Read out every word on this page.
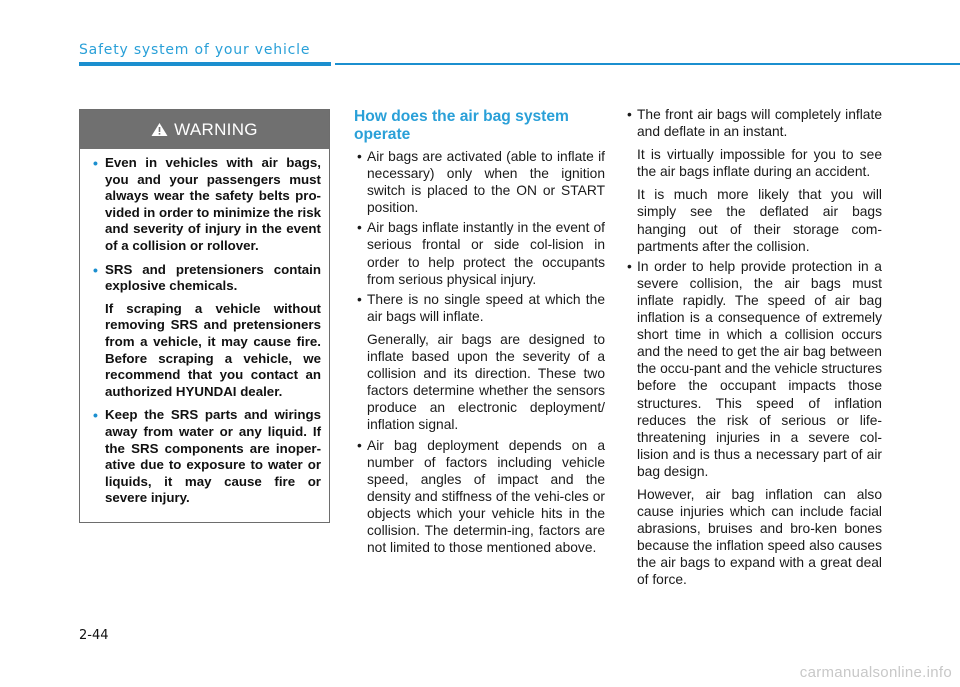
Safety system of your vehicle
WARNING
• Even in vehicles with air bags, you and your passengers must always wear the safety belts pro-vided in order to minimize the risk and severity of injury in the event of a collision or rollover.

• SRS and pretensioners contain explosive chemicals.

If scraping a vehicle without removing SRS and pretensioners from a vehicle, it may cause fire. Before scraping a vehicle, we recommend that you contact an authorized HYUNDAI dealer.

• Keep the SRS parts and wirings away from water or any liquid. If the SRS components are inoper-ative due to exposure to water or liquids, it may cause fire or severe injury.

How does the air bag system operate
• Air bags are activated (able to inflate if necessary) only when the ignition switch is placed to the ON or START position.

• Air bags inflate instantly in the event of serious frontal or side col-lision in order to help protect the occupants from serious physical injury.

• There is no single speed at which the air bags will inflate.

Generally, air bags are designed to inflate based upon the severity of a collision and its direction. These two factors determine whether the sensors produce an electronic deployment/ inflation signal.

• Air bag deployment depends on a number of factors including vehicle speed, angles of impact and the density and stiffness of the vehi-cles or objects which your vehicle hits in the collision. The determin-ing, factors are not limited to those mentioned above.

• The front air bags will completely inflate and deflate in an instant.

It is virtually impossible for you to see the air bags inflate during an accident.

It is much more likely that you will simply see the deflated air bags hanging out of their storage com-partments after the collision.

• In order to help provide protection in a severe collision, the air bags must inflate rapidly. The speed of air bag inflation is a consequence of extremely short time in which a collision occurs and the need to get the air bag between the occu-pant and the vehicle structures before the occupant impacts those structures. This speed of inflation reduces the risk of serious or life-threatening injuries in a severe col-lision and is thus a necessary part of air bag design.

However, air bag inflation can also cause injuries which can include facial abrasions, bruises and bro-ken bones because the inflation speed also causes the air bags to expand with a great deal of force.

2-44
carmanualsonline.info
